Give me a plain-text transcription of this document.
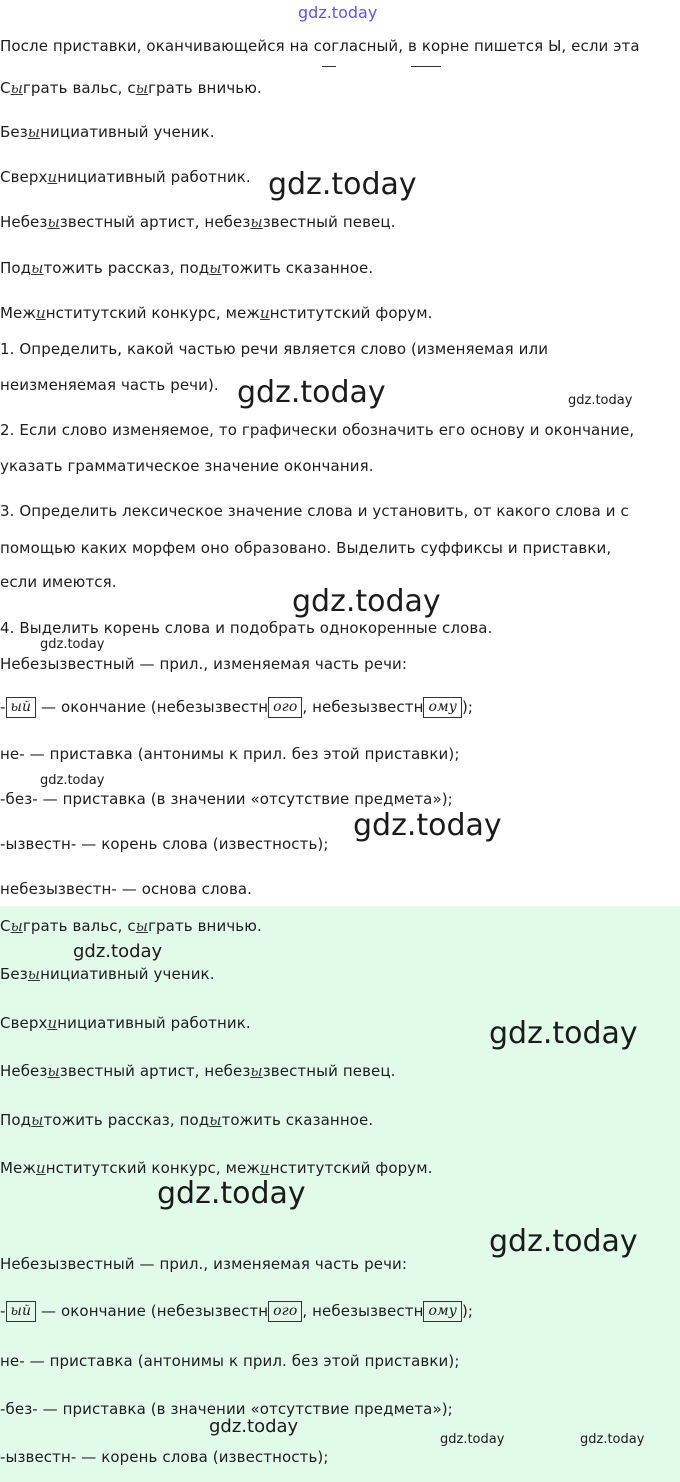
gdz.today
После приставки, оканчивающейся на согласный, в корне пишется Ы, если эта
Сыграть вальс, сыграть вничью.
Безынициативный ученик.
Сверхинициативный работник.
Небезызвестный артист, небезызвестный певец.
Подытожить рассказ, подытожить сказанное.
Межинститутский конкурс, межинститутский форум.
1. Определить, какой частью речи является слово (изменяемая или
неизменяемая часть речи).
2. Если слово изменяемое, то графически обозначить его основу и окончание,
указать грамматическое значение окончания.
3. Определить лексическое значение слова и установить, от какого слова и с
помощью каких морфем оно образовано. Выделить суффиксы и приставки,
если имеются.
4. Выделить корень слова и подобрать однокоренные слова.
Небезызвестный — прил., изменяемая часть речи:
- ый — окончание (небезызвестн ого , небезызвестн ому );
не- — приставка (антонимы к прил. без этой приставки);
-без- — приставка (в значении «отсутствие предмета»);
-ызвестн- — корень слова (известность);
небезызвестн- — основа слова.
Сыграть вальс, сыграть вничью.
Безынициативный ученик.
Сверхинициативный работник.
Небезызвестный артист, небезызвестный певец.
Подытожить рассказ, подытожить сказанное.
Межинститутский конкурс, межинститутский форум.
Небезызвестный — прил., изменяемая часть речи:
- ый — окончание (небезызвестн ого , небезызвестн ому );
не- — приставка (антонимы к прил. без этой приставки);
-без- — приставка (в значении «отсутствие предмета»);
-ызвестн- — корень слова (известность);
gdz.today
gdz.today	gdz.today
gdz.today
gdz.today
gdz.today
gdz.today
gdz.today
gdz.today
gdz.today
gdz.today
gdz.today
gdz.today	gdz.today
